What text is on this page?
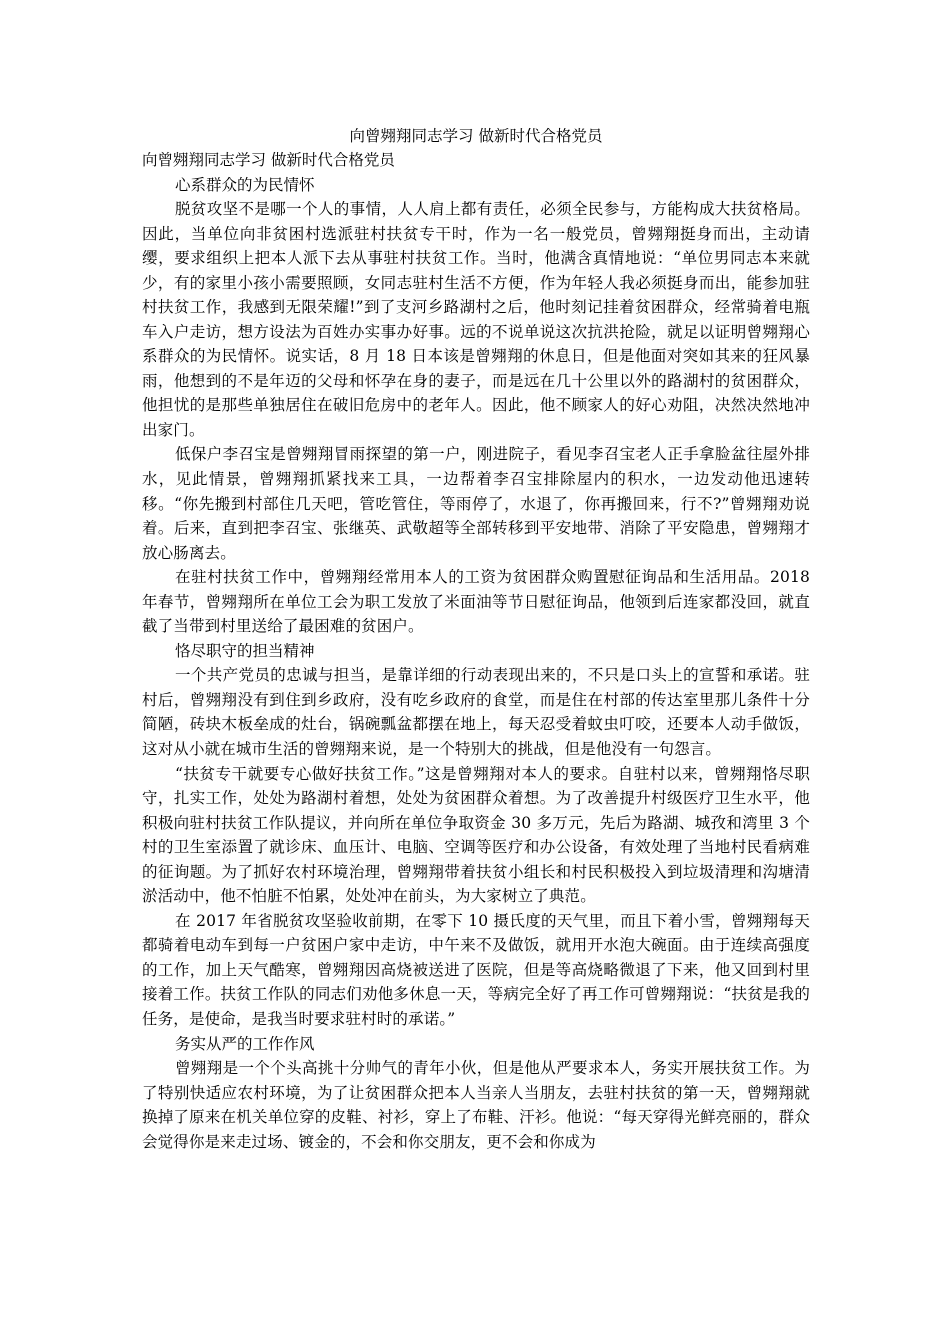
向曾翙翔同志学习 做新时代合格党员

向曾翙翔同志学习 做新时代合格党员

心系群众的为民情怀

脱贫攻坚不是哪一个人的事情，人人肩上都有责任，必须全民参与，方能构成大扶贫格局。因此，当单位向非贫困村选派驻村扶贫专干时，作为一名一般党员，曾翙翔挺身而出，主动请缨，要求组织上把本人派下去从事驻村扶贫工作。当时，他满含真情地说：“单位男同志本来就少，有的家里小孩小需要照顾，女同志驻村生活不方便，作为年轻人我必须挺身而出，能参加驻村扶贫工作，我感到无限荣耀!”到了支河乡路湖村之后，他时刻记挂着贫困群众，经常骑着电瓶车入户走访，想方设法为百姓办实事办好事。远的不说单说这次抗洪抢险，就足以证明曾翙翔心系群众的为民情怀。说实话，8 月 18 日本该是曾翙翔的休息日，但是他面对突如其来的狂风暴雨，他想到的不是年迈的父母和怀孕在身的妻子，而是远在几十公里以外的路湖村的贫困群众，他担忧的是那些单独居住在破旧危房中的老年人。因此，他不顾家人的好心劝阻，决然决然地冲出家门。

低保户李召宝是曾翙翔冒雨探望的第一户，刚进院子，看见李召宝老人正手拿脸盆往屋外排水，见此情景，曾翙翔抓紧找来工具，一边帮着李召宝排除屋内的积水，一边发动他迅速转移。“你先搬到村部住几天吧，管吃管住，等雨停了，水退了，你再搬回来，行不?”曾翙翔劝说着。后来，直到把李召宝、张继英、武敬超等全部转移到平安地带、消除了平安隐患，曾翙翔才放心肠离去。

在驻村扶贫工作中，曾翙翔经常用本人的工资为贫困群众购置慰征询品和生活用品。2018 年春节，曾翙翔所在单位工会为职工发放了米面油等节日慰征询品，他领到后连家都没回，就直截了当带到村里送给了最困难的贫困户。

恪尽职守的担当精神

一个共产党员的忠诚与担当，是靠详细的行动表现出来的，不只是口头上的宣誓和承诺。驻村后，曾翙翔没有到住到乡政府，没有吃乡政府的食堂，而是住在村部的传达室里那儿条件十分简陋，砖块木板垒成的灶台，锅碗瓢盆都摆在地上，每天忍受着蚊虫叮咬，还要本人动手做饭，这对从小就在城市生活的曾翙翔来说，是一个特别大的挑战，但是他没有一句怨言。

“扶贫专干就要专心做好扶贫工作。”这是曾翙翔对本人的要求。自驻村以来，曾翙翔恪尽职守，扎实工作，处处为路湖村着想，处处为贫困群众着想。为了改善提升村级医疗卫生水平，他积极向驻村扶贫工作队提议，并向所在单位争取资金 30 多万元，先后为路湖、城孜和湾里 3 个村的卫生室添置了就诊床、血压计、电脑、空调等医疗和办公设备，有效处理了当地村民看病难的征询题。为了抓好农村环境治理，曾翙翔带着扶贫小组长和村民积极投入到垃圾清理和沟塘清淤活动中，他不怕脏不怕累，处处冲在前头，为大家树立了典范。

在 2017 年省脱贫攻坚验收前期，在零下 10 摄氏度的天气里，而且下着小雪，曾翙翔每天都骑着电动车到每一户贫困户家中走访，中午来不及做饭，就用开水泡大碗面。由于连续高强度的工作，加上天气酷寒，曾翙翔因高烧被送进了医院，但是等高烧略微退了下来，他又回到村里接着工作。扶贫工作队的同志们劝他多休息一天，等病完全好了再工作可曾翙翔说：“扶贫是我的任务，是使命，是我当时要求驻村时的承诺。”

务实从严的工作作风

曾翙翔是一个个头高挑十分帅气的青年小伙，但是他从严要求本人，务实开展扶贫工作。为了特别快适应农村环境，为了让贫困群众把本人当亲人当朋友，去驻村扶贫的第一天，曾翙翔就换掉了原来在机关单位穿的皮鞋、衬衫，穿上了布鞋、汗衫。他说：“每天穿得光鲜亮丽的，群众会觉得你是来走过场、镀金的，不会和你交朋友，更不会和你成为
